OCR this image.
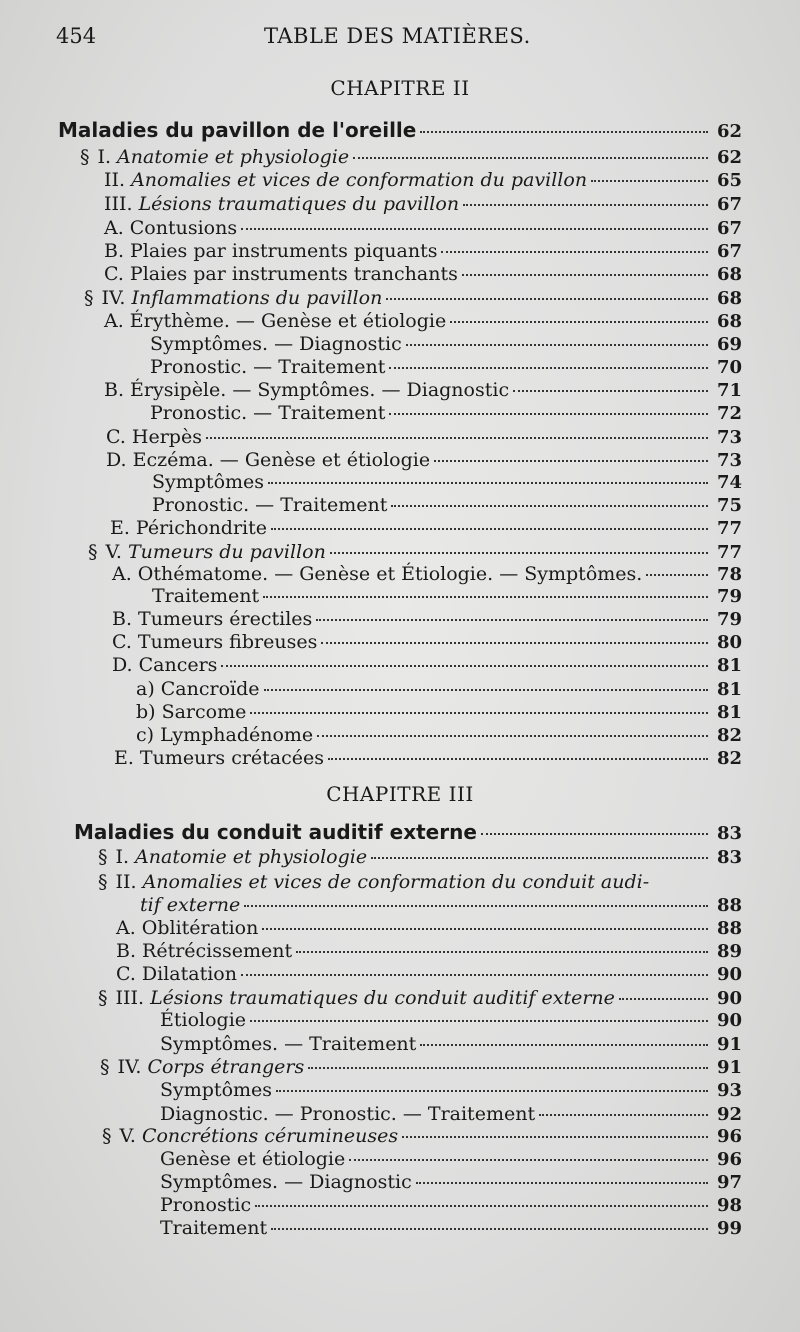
454	TABLE DES MATIÈRES.
CHAPITRE II
Maladies du pavillon de l'oreille	62
§ I. Anatomie et physiologie	62
II. Anomalies et vices de conformation du pavillon	65
III. Lésions traumatiques du pavillon	67
A. Contusions	67
B. Plaies par instruments piquants	67
C. Plaies par instruments tranchants	68
§ IV. Inflammations du pavillon	68
A. Érythème. — Genèse et étiologie	68
Symptômes. — Diagnostic	69
Pronostic. — Traitement	70
B. Érysipèle. — Symptômes. — Diagnostic	71
Pronostic. — Traitement	72
C. Herpès	73
D. Eczéma. — Genèse et étiologie	73
Symptômes	74
Pronostic. — Traitement	75
E. Périchondrite	77
§ V. Tumeurs du pavillon	77
A. Othématome. — Genèse et Étiologie. — Symptômes.	78
Traitement	79
B. Tumeurs érectiles	79
C. Tumeurs fibreuses	80
D. Cancers	81
a) Cancroïde	81
b) Sarcome	81
c) Lymphadénome	82
E. Tumeurs crétacées	82
CHAPITRE III
Maladies du conduit auditif externe	83
§ I. Anatomie et physiologie	83
§ II. Anomalies et vices de conformation du conduit audi-
tif externe	88
A. Oblitération	88
B. Rétrécissement	89
C. Dilatation	90
§ III. Lésions traumatiques du conduit auditif externe	90
Étiologie	90
Symptômes. — Traitement	91
§ IV. Corps étrangers	91
Symptômes	93
Diagnostic. — Pronostic. — Traitement	92
§ V. Concrétions cérumineuses	96
Genèse et étiologie	96
Symptômes. — Diagnostic	97
Pronostic	98
Traitement	99
